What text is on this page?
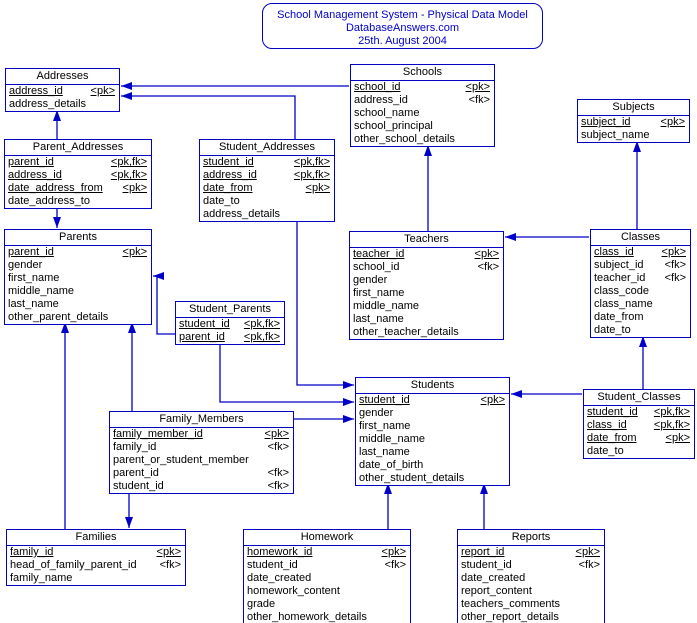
School Management System - Physical Data Model
DatabaseAnswers.com
25th. August 2004
Addresses
address_id	<pk>
address_details
Schools
school_id	<pk>
address_id	<fk>
school_name
school_principal
other_school_details
Subjects
subject_id	<pk>
subject_name
Parent_Addresses
parent_id	<pk,fk>
address_id	<pk,fk>
date_address_from <pk>
date_address_to
Student_Addresses
student_id	<pk,fk>
address_id	<pk,fk>
date_from	<pk>
date_to
address_details
Parents
parent_id	<pk>
gender
first_name
middle_name
last_name
other_parent_details
Teachers
teacher_id	<pk>
school_id	<fk>
gender
first_name
middle_name
last_name
other_teacher_details
Classes
class_id	<pk>
subject_id <fk>
teacher_id <fk>
class_code
class_name
date_from
date_to
Student_Parents
student_id <pk,fk>
parent_id <pk,fk>
Students
student_id	<pk>
gender
first_name
middle_name
last_name
date_of_birth
other_student_details
Student_Classes
student_id <pk,fk>
class_id <pk,fk>
date_from	<pk>
date_to
Family_Members
family_member_id	<pk>
family_id	<fk>
parent_or_student_member
parent_id	<fk>
student_id	<fk>
Families
family_id	<pk>
head_of_family_parent_id <fk>
family_name
Homework
homework_id	<pk>
student_id	<fk>
date_created
homework_content
grade
other_homework_details
Reports
report_id	<pk>
student_id	<fk>
date_created
report_content
teachers_comments
other_report_details
